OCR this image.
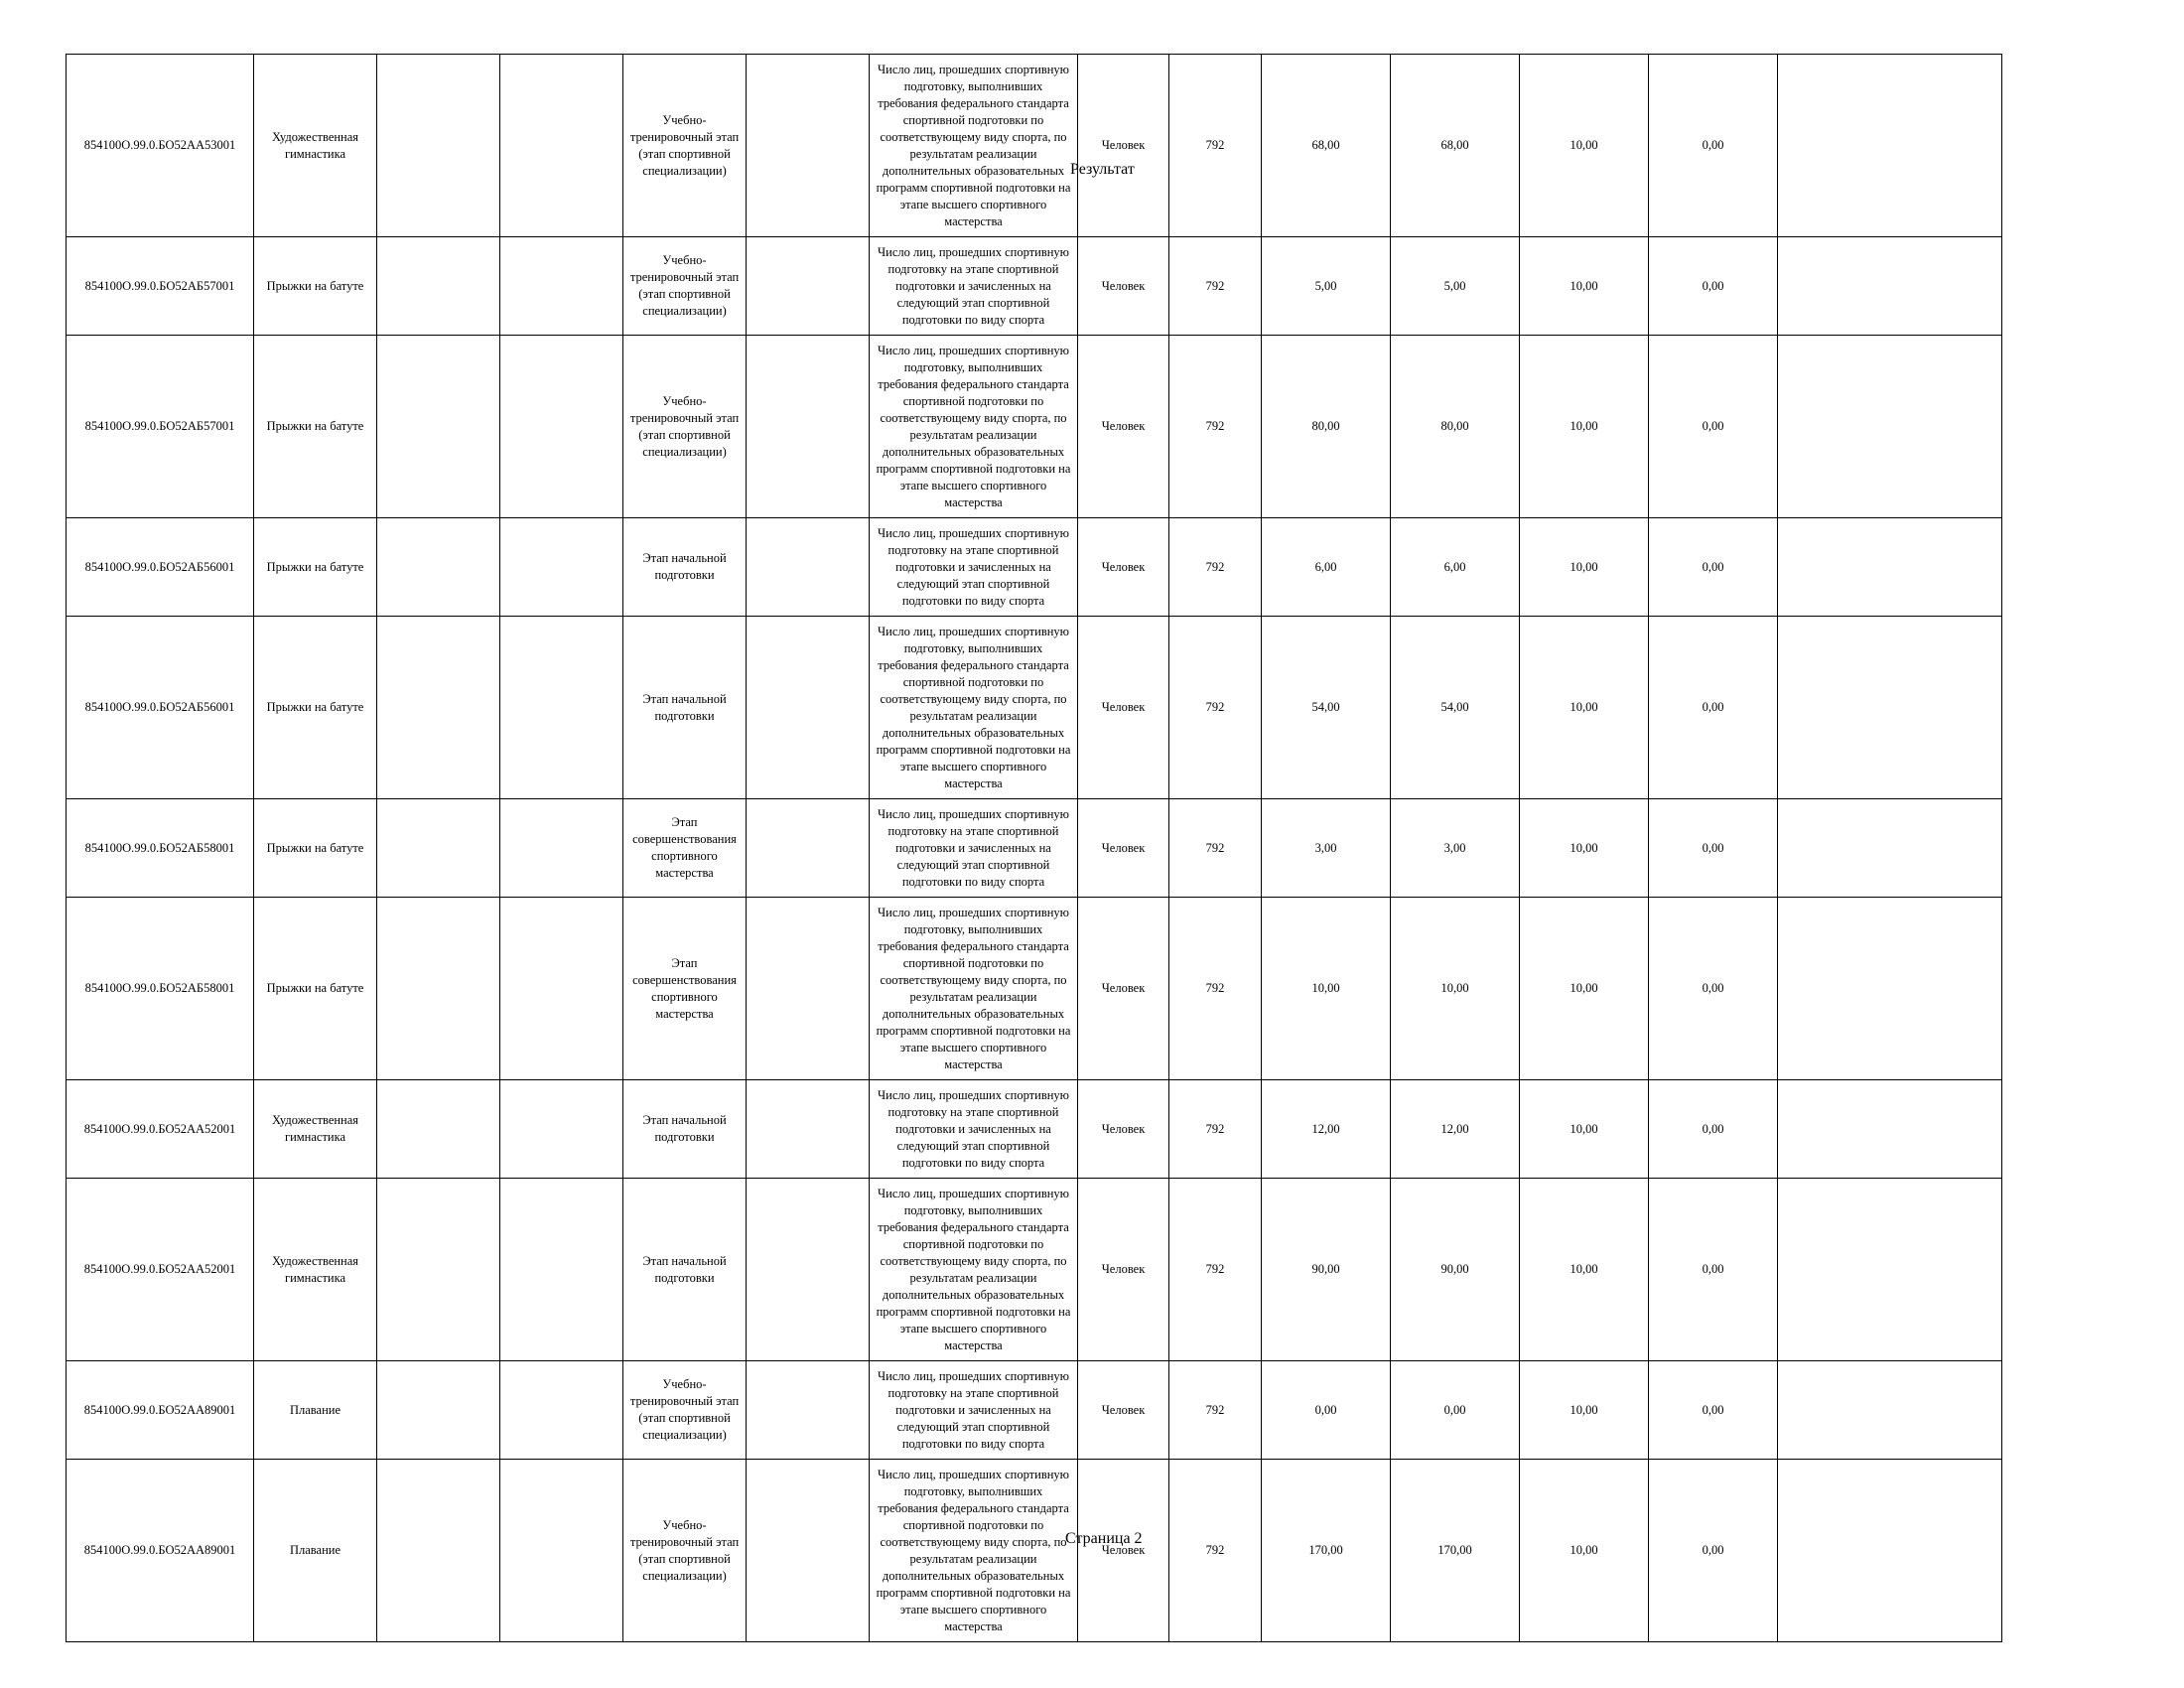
854100О.99.0.БО52АА53001	Художественная гимнастика			Учебно-тренировочный этап (этап спортивной специализации)		Число лиц, прошедших спортивную подготовку, выполнивших требования федерального стандарта спортивной подготовки по соответствующему виду спорта, по результатам реализации дополнительных образовательных программ спортивной подготовки на этапе высшего спортивного мастерства	Человек	792	68,00	68,00	10,00	0,00	
854100О.99.0.БО52АБ57001	Прыжки на батуте			Учебно-тренировочный этап (этап спортивной специализации)		Число лиц, прошедших спортивную подготовку на этапе спортивной подготовки и зачисленных на следующий этап спортивной подготовки по виду спорта	Человек	792	5,00	5,00	10,00	0,00	
854100О.99.0.БО52АБ57001	Прыжки на батуте			Учебно-тренировочный этап (этап спортивной специализации)		Число лиц, прошедших спортивную подготовку, выполнивших требования федерального стандарта спортивной подготовки по соответствующему виду спорта, по результатам реализации дополнительных образовательных программ спортивной подготовки на этапе высшего спортивного мастерства	Человек	792	80,00	80,00	10,00	0,00	
854100О.99.0.БО52АБ56001	Прыжки на батуте			Этап начальной подготовки		Число лиц, прошедших спортивную подготовку на этапе спортивной подготовки и зачисленных на следующий этап спортивной подготовки по виду спорта	Человек	792	6,00	6,00	10,00	0,00	
854100О.99.0.БО52АБ56001	Прыжки на батуте			Этап начальной подготовки		Число лиц, прошедших спортивную подготовку, выполнивших требования федерального стандарта спортивной подготовки по соответствующему виду спорта, по результатам реализации дополнительных образовательных программ спортивной подготовки на этапе высшего спортивного мастерства	Человек	792	54,00	54,00	10,00	0,00	
854100О.99.0.БО52АБ58001	Прыжки на батуте			Этап совершенствования спортивного мастерства		Число лиц, прошедших спортивную подготовку на этапе спортивной подготовки и зачисленных на следующий этап спортивной подготовки по виду спорта	Человек	792	3,00	3,00	10,00	0,00	
854100О.99.0.БО52АБ58001	Прыжки на батуте			Этап совершенствования спортивного мастерства		Число лиц, прошедших спортивную подготовку, выполнивших требования федерального стандарта спортивной подготовки по соответствующему виду спорта, по результатам реализации дополнительных образовательных программ спортивной подготовки на этапе высшего спортивного мастерства	Человек	792	10,00	10,00	10,00	0,00	
854100О.99.0.БО52АА52001	Художественная гимнастика			Этап начальной подготовки		Число лиц, прошедших спортивную подготовку на этапе спортивной подготовки и зачисленных на следующий этап спортивной подготовки по виду спорта	Человек	792	12,00	12,00	10,00	0,00	
854100О.99.0.БО52АА52001	Художественная гимнастика			Этап начальной подготовки		Число лиц, прошедших спортивную подготовку, выполнивших требования федерального стандарта спортивной подготовки по соответствующему виду спорта, по результатам реализации дополнительных образовательных программ спортивной подготовки на этапе высшего спортивного мастерства	Человек	792	90,00	90,00	10,00	0,00	
854100О.99.0.БО52АА89001	Плавание			Учебно-тренировочный этап (этап спортивной специализации)		Число лиц, прошедших спортивную подготовку на этапе спортивной подготовки и зачисленных на следующий этап спортивной подготовки по виду спорта	Человек	792	0,00	0,00	10,00	0,00	
854100О.99.0.БО52АА89001	Плавание			Учебно-тренировочный этап (этап спортивной специализации)		Число лиц, прошедших спортивную подготовку, выполнивших требования федерального стандарта спортивной подготовки по соответствующему виду спорта, по результатам реализации дополнительных образовательных программ спортивной подготовки на этапе высшего спортивного мастерства	Человек	792	170,00	170,00	10,00	0,00	
Результат
Страница 2
